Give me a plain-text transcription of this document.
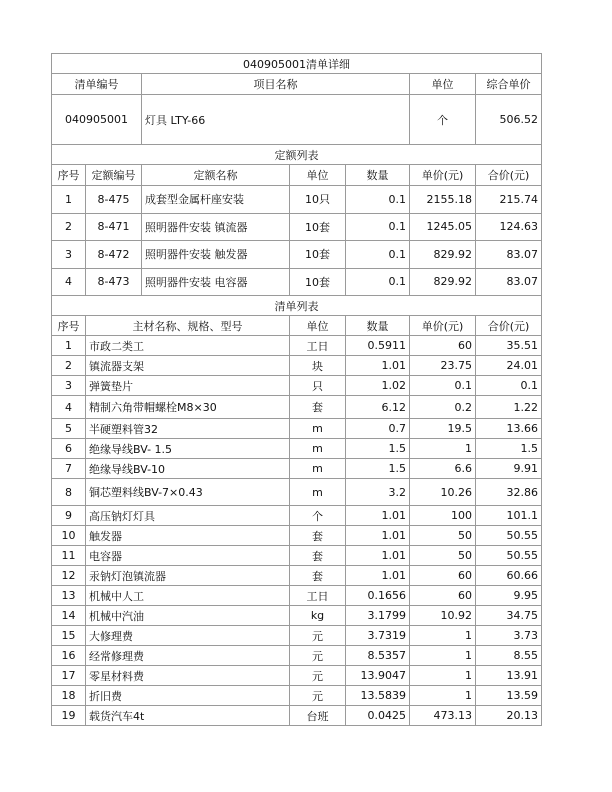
040905001清单详细						
清单编号		项目名称			单位	综合单价
040905001		灯具 LTY-66			个	506.52
定额列表						
序号	定额编号	定额名称	单位	数量	单价(元)	合价(元)
1	8-475	成套型金属杆座安装	10只	0.1	2155.18	215.74
2	8-471	照明器件安装 镇流器	10套	0.1	1245.05	124.63
3	8-472	照明器件安装 触发器	10套	0.1	829.92	83.07
4	8-473	照明器件安装 电容器	10套	0.1	829.92	83.07
清单列表						
序号	主材名称、规格、型号		单位	数量	单价(元)	合价(元)
1	市政二类工		工日	0.5911	60	35.51
2	镇流器支架		块	1.01	23.75	24.01
3	弹簧垫片		只	1.02	0.1	0.1
4	精制六角带帽螺栓M8×30		套	6.12	0.2	1.22
5	半硬塑料管32		m	0.7	19.5	13.66
6	绝缘导线BV- 1.5		m	1.5	1	1.5
7	绝缘导线BV-10		m	1.5	6.6	9.91
8	铜芯塑料线BV-7×0.43		m	3.2	10.26	32.86
9	高压钠灯灯具		个	1.01	100	101.1
10	触发器		套	1.01	50	50.55
11	电容器		套	1.01	50	50.55
12	汞钠灯泡镇流器		套	1.01	60	60.66
13	机械中人工		工日	0.1656	60	9.95
14	机械中汽油		kg	3.1799	10.92	34.75
15	大修理费		元	3.7319	1	3.73
16	经常修理费		元	8.5357	1	8.55
17	零星材料费		元	13.9047	1	13.91
18	折旧费		元	13.5839	1	13.59
19	载货汽车4t		台班	0.0425	473.13	20.13
